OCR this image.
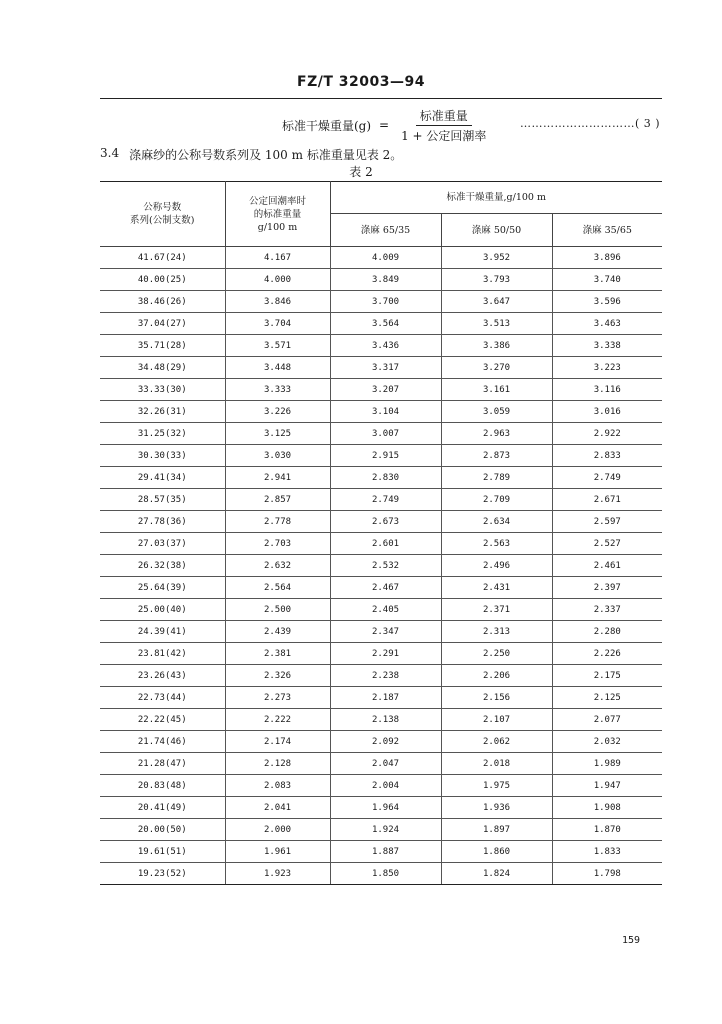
FZ/T 32003—94
标准干燥重量$(g) = \frac{\text{标准重量}}{\text{1 + 公定回潮率}}$	…………………………( 3 )
3.4 涤麻纱的公称号数系列及 100 m 标准重量见表 2。
表 2
公称号数
系列(公制支数)	公定回潮率时
的标准重量
g/100 m	标准干燥重量,g/100 m		
		涤麻 65/35	涤麻 50/50	涤麻 35/65
41.67(24)	4.167	4.009	3.952	3.896
40.00(25)	4.000	3.849	3.793	3.740
38.46(26)	3.846	3.700	3.647	3.596
37.04(27)	3.704	3.564	3.513	3.463
35.71(28)	3.571	3.436	3.386	3.338
34.48(29)	3.448	3.317	3.270	3.223
33.33(30)	3.333	3.207	3.161	3.116
32.26(31)	3.226	3.104	3.059	3.016
31.25(32)	3.125	3.007	2.963	2.922
30.30(33)	3.030	2.915	2.873	2.833
29.41(34)	2.941	2.830	2.789	2.749
28.57(35)	2.857	2.749	2.709	2.671
27.78(36)	2.778	2.673	2.634	2.597
27.03(37)	2.703	2.601	2.563	2.527
26.32(38)	2.632	2.532	2.496	2.461
25.64(39)	2.564	2.467	2.431	2.397
25.00(40)	2.500	2.405	2.371	2.337
24.39(41)	2.439	2.347	2.313	2.280
23.81(42)	2.381	2.291	2.250	2.226
23.26(43)	2.326	2.238	2.206	2.175
22.73(44)	2.273	2.187	2.156	2.125
22.22(45)	2.222	2.138	2.107	2.077
21.74(46)	2.174	2.092	2.062	2.032
21.28(47)	2.128	2.047	2.018	1.989
20.83(48)	2.083	2.004	1.975	1.947
20.41(49)	2.041	1.964	1.936	1.908
20.00(50)	2.000	1.924	1.897	1.870
19.61(51)	1.961	1.887	1.860	1.833
19.23(52)	1.923	1.850	1.824	1.798
159
